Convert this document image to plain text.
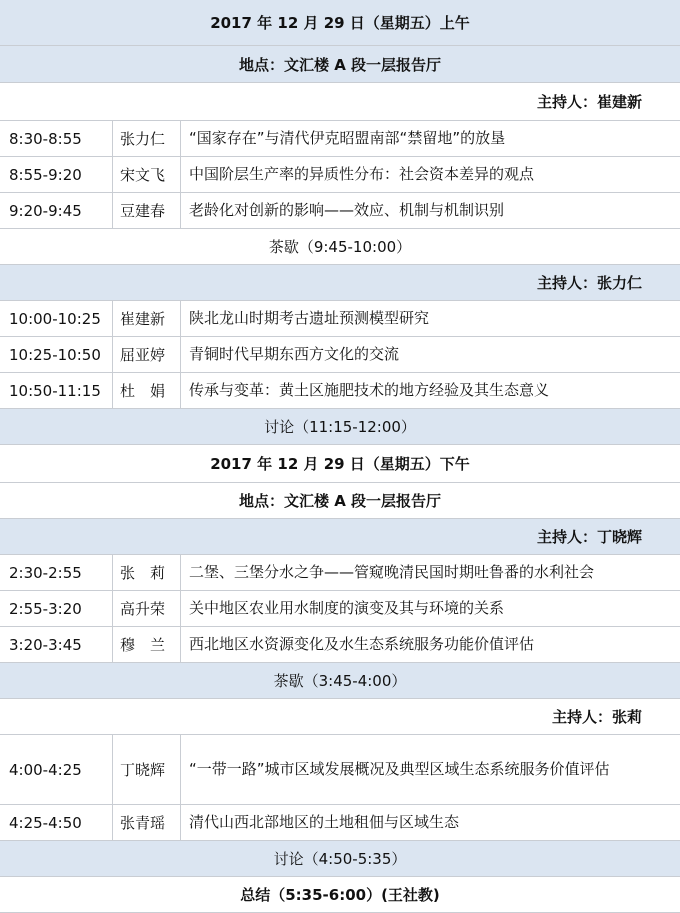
2017 年 12 月 29 日（星期五）上午
地点：文汇楼 A 段一层报告厅
主持人：崔建新
8:30-8:55	张力仁	“国家存在”与清代伊克昭盟南部“禁留地”的放垦
8:55-9:20	宋文飞	中国阶层生产率的异质性分布：社会资本差异的观点
9:20-9:45	豆建春	老龄化对创新的影响——效应、机制与机制识别
茶歇（9:45-10:00）
主持人：张力仁
10:00-10:25	崔建新	陕北龙山时期考古遗址预测模型研究
10:25-10:50	屈亚婷	青铜时代早期东西方文化的交流
10:50-11:15	杜　娟	传承与变革：黄土区施肥技术的地方经验及其生态意义
讨论（11:15-12:00）
2017 年 12 月 29 日（星期五）下午
地点：文汇楼 A 段一层报告厅
主持人：丁晓辉
2:30-2:55	张　莉	二堡、三堡分水之争——管窥晚清民国时期吐鲁番的水利社会
2:55-3:20	高升荣	关中地区农业用水制度的演变及其与环境的关系
3:20-3:45	穆　兰	西北地区水资源变化及水生态系统服务功能价值评估
茶歇（3:45-4:00）
主持人：张莉
4:00-4:25	丁晓辉	“一带一路”城市区域发展概况及典型区域生态系统服务价值评估
4:25-4:50	张青瑶	清代山西北部地区的土地租佃与区域生态
讨论（4:50-5:35）
总结（5:35-6:00）(王社教)
